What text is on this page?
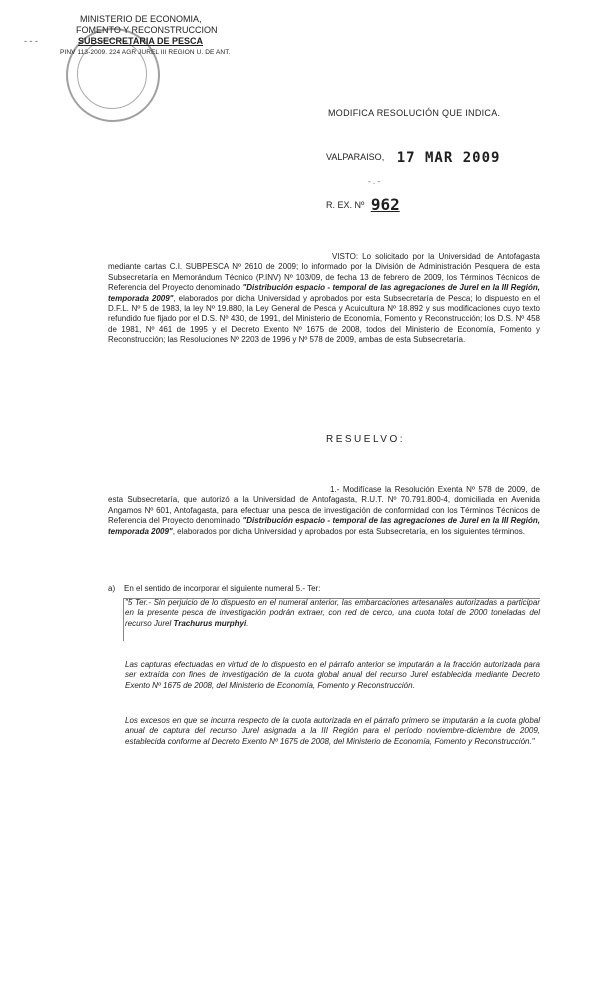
- - -
MINISTERIO DE ECONOMIA,
FOMENTO Y RECONSTRUCCION
SUBSECRETARIA DE PESCA
PINV 113-2009. 224 AGR JUREL III REGION U. DE ANT.
MODIFICA RESOLUCIÓN QUE INDICA.
VALPARAISO, 17 MAR 2009
- . -
R. EX. Nº 962

VISTO: Lo solicitado por la Universidad de Antofagasta mediante cartas C.I. SUBPESCA Nº 2610 de 2009; lo informado por la División de Administración Pesquera de esta Subsecretaría en Memorándum Técnico (P.INV) Nº 103/09, de fecha 13 de febrero de 2009, los Términos Técnicos de Referencia del Proyecto denominado "Distribución espacio - temporal de las agregaciones de Jurel en la III Región, temporada 2009", elaborados por dicha Universidad y aprobados por esta Subsecretaría de Pesca; lo dispuesto en el D.F.L. Nº 5 de 1983, la ley Nº 19.880, la Ley General de Pesca y Acuicultura Nº 18.892 y sus modificaciones cuyo texto refundido fue fijado por el D.S. Nº 430, de 1991, del Ministerio de Economía, Fomento y Reconstrucción; los D.S. Nº 458 de 1981, Nº 461 de 1995 y el Decreto Exento Nº 1675 de 2008, todos del Ministerio de Economía, Fomento y Reconstrucción; las Resoluciones Nº 2203 de 1996 y Nº 578 de 2009, ambas de esta Subsecretaría.

RESUELVO:

1.- Modifícase la Resolución Exenta Nº 578 de 2009, de esta Subsecretaría, que autorizó a la Universidad de Antofagasta, R.U.T. Nº 70.791.800-4, domiciliada en Avenida Angamos Nº 601, Antofagasta, para efectuar una pesca de investigación de conformidad con los Términos Técnicos de Referencia del Proyecto denominado "Distribución espacio - temporal de las agregaciones de Jurel en la III Región, temporada 2009", elaborados por dicha Universidad y aprobados por esta Subsecretaría, en los siguientes términos.

a) En el sentido de incorporar el siguiente numeral 5.- Ter:

"5 Ter.- Sin perjuicio de lo dispuesto en el numeral anterior, las embarcaciones artesanales autorizadas a participar en la presente pesca de investigación podrán extraer, con red de cerco, una cuota total de 2000 toneladas del recurso Jurel Trachurus murphyi.

Las capturas efectuadas en virtud de lo dispuesto en el párrafo anterior se imputarán a la fracción autorizada para ser extraída con fines de investigación de la cuota global anual del recurso Jurel establecida mediante Decreto Exento Nº 1675 de 2008, del Ministerio de Economía, Fomento y Reconstrucción.

Los excesos en que se incurra respecto de la cuota autorizada en el párrafo primero se imputarán a la cuota global anual de captura del recurso Jurel asignada a la III Región para el período noviembre-diciembre de 2009, establecida conforme al Decreto Exento Nº 1675 de 2008, del Ministerio de Economía, Fomento y Reconstrucción."
